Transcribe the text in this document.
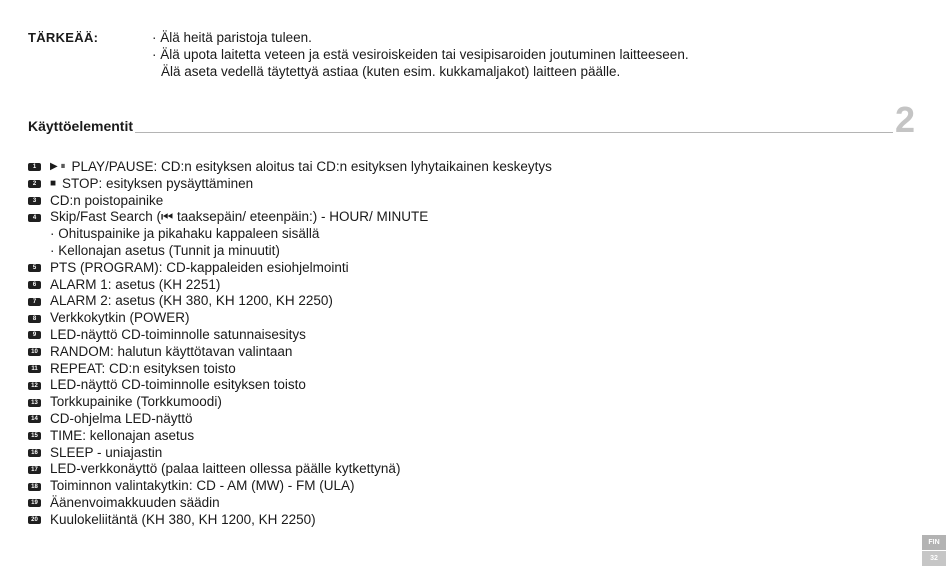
TÄRKEÄÄ:	· Älä heitä paristoja tuleen.
· Älä upota laitetta veteen ja estä vesiroiskeiden tai vesipisaroiden joutuminen laitteeseen.
Älä aseta vedellä täytettyä astiaa (kuten esim. kukkamaljakot) laitteen päälle.
Käyttöelementit	2
1	▶ ⏸ PLAY/PAUSE: CD:n esityksen aloitus tai CD:n esityksen lyhytaikainen keskeytys
2	■ STOP: esityksen pysäyttäminen
3	CD:n poistopainike
4	Skip/Fast Search (⏮ taaksepäin/ eteenpäin:) - HOUR/ MINUTE
· Ohituspainike ja pikahaku kappaleen sisällä
· Kellonajan asetus (Tunnit ja minuutit)
5	PTS (PROGRAM): CD-kappaleiden esiohjelmointi
6	ALARM 1: asetus (KH 2251)
7	ALARM 2: asetus (KH 380, KH 1200, KH 2250)
8	Verkkokytkin (POWER)
9	LED-näyttö CD-toiminnolle satunnaisesitys
10 RANDOM: halutun käyttötavan valintaan
11 REPEAT: CD:n esityksen toisto
12 LED-näyttö CD-toiminnolle esityksen toisto
13 Torkkupainike (Torkkumoodi)
14 CD-ohjelma LED-näyttö
15 TIME: kellonajan asetus
16 SLEEP - uniajastin
17 LED-verkkonäyttö (palaa laitteen ollessa päälle kytkettynä)
18 Toiminnon valintakytkin: CD - AM (MW) - FM (ULA)
19 Äänenvoimakkuuden säädin
20 Kuulokeliitäntä (KH 380, KH 1200, KH 2250)
FIN
32
